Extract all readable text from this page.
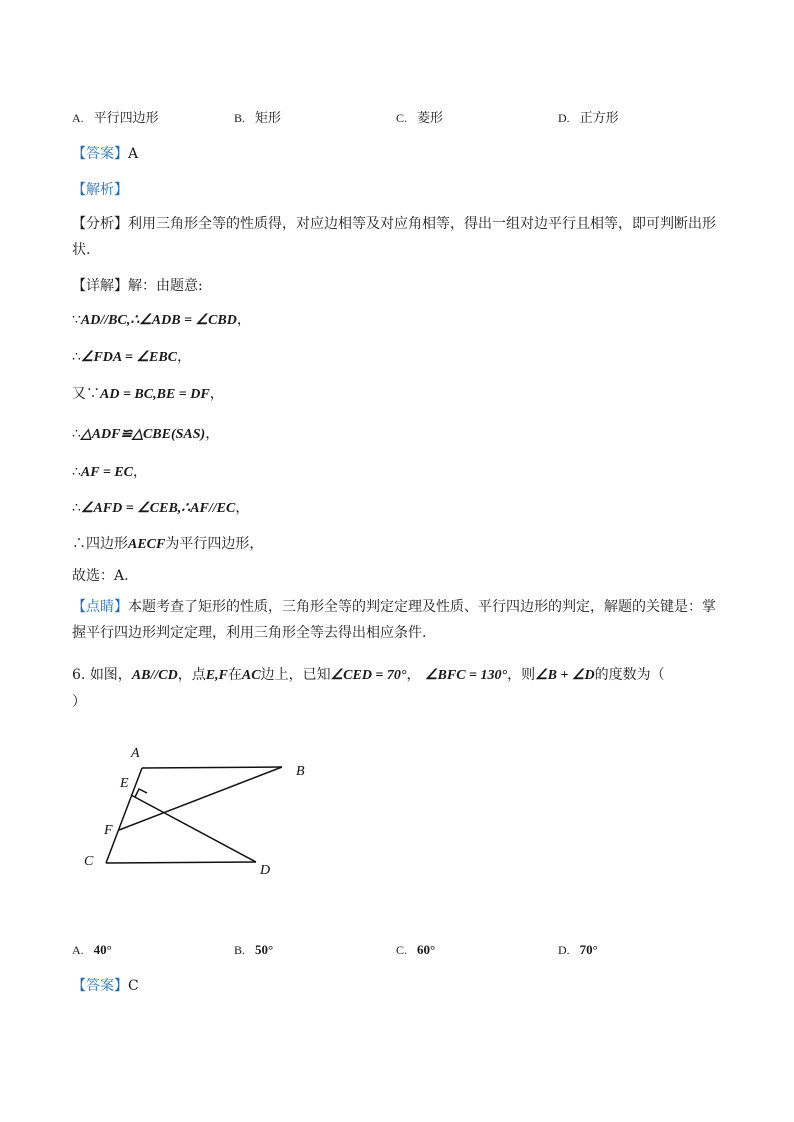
A. 平行四边形	B. 矩形	C. 菱形	D. 正方形
【答案】A
【解析】
【分析】利用三角形全等的性质得，对应边相等及对应角相等，得出一组对边平行且相等，即可判断出形状.
【详解】解：由题意:
∵AD//BC,∴∠ADB = ∠CBD，
∴∠FDA = ∠EBC，
又∵AD = BC,BE = DF，
∴△ADF≌△CBE(SAS)，
∴AF = EC，
∴∠AFD = ∠CEB,∴AF//EC，
∴四边形AECF为平行四边形，
故选：A.
【点睛】本题考查了矩形的性质，三角形全等的判定定理及性质、平行四边形的判定，解题的关键是：掌握平行四边形判定定理，利用三角形全等去得出相应条件.
6. 如图，AB//CD，点E,F在AC边上，已知∠CED = 70°， ∠BFC = 130°，则∠B + ∠D的度数为（
）
A
B
E
F
C
D
A. 40°	B. 50°	C. 60°	D. 70°
【答案】C
